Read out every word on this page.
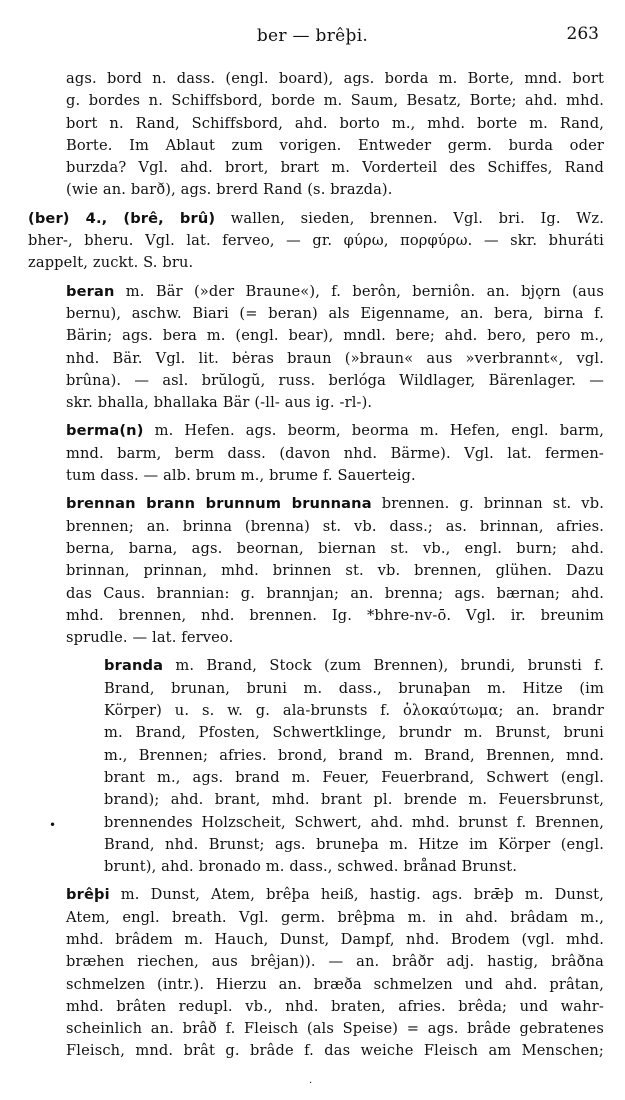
ber — brêþi.	263
ags. bord n. dass. (engl. board), ags. borda m. Borte, mnd. bort
g. bordes n. Schiffsbord, borde m. Saum, Besatz, Borte; ahd. mhd.
bort n. Rand, Schiffsbord, ahd. borto m., mhd. borte m. Rand,
Borte. Im Ablaut zum vorigen. Entweder germ. burda oder
burzda? Vgl. ahd. brort, brart m. Vorderteil des Schiffes, Rand
(wie an. barð), ags. brerd Rand (s. brazda).
(ber) 4., (brê, brû) wallen, sieden, brennen. Vgl. bri. Ig. Wz.
bher-, bheru. Vgl. lat. ferveo, — gr. φύρω, πορφύρω. — skr. bhuráti
zappelt, zuckt. S. bru.
beran m. Bär (»der Braune«), f. berôn, berniôn. an. bjǫrn (aus
bernu), aschw. Biari (= beran) als Eigenname, an. bera, birna f.
Bärin; ags. bera m. (engl. bear), mndl. bere; ahd. bero, pero m.,
nhd. Bär. Vgl. lit. bėras braun (»braun« aus »verbrannt«, vgl.
brûna). — asl. brŭlogŭ, russ. berlóga Wildlager, Bärenlager. —
skr. bhalla, bhallaka Bär (-ll- aus ig. -rl-).
berma(n) m. Hefen. ags. beorm, beorma m. Hefen, engl. barm,
mnd. barm, berm dass. (davon nhd. Bärme). Vgl. lat. fermen-
tum dass. — alb. brum m., brume f. Sauerteig.
brennan brann brunnum brunnana brennen. g. brinnan st. vb.
brennen; an. brinna (brenna) st. vb. dass.; as. brinnan, afries.
berna, barna, ags. beornan, biernan st. vb., engl. burn; ahd.
brinnan, prinnan, mhd. brinnen st. vb. brennen, glühen. Dazu
das Caus. brannian: g. brannjan; an. brenna; ags. bærnan; ahd.
mhd. brennen, nhd. brennen. Ig. *bhre-nv-ō. Vgl. ir. breunim
sprudle. — lat. ferveo.
branda m. Brand, Stock (zum Brennen), brundi, brunsti f.
Brand, brunan, bruni m. dass., brunaþan m. Hitze (im
Körper) u. s. w. g. ala-brunsts f. ὁλοκαύτωμα; an. brandr
m. Brand, Pfosten, Schwertklinge, brundr m. Brunst, bruni
m., Brennen; afries. brond, brand m. Brand, Brennen, mnd.
brant m., ags. brand m. Feuer, Feuerbrand, Schwert (engl.
brand); ahd. brant, mhd. brant pl. brende m. Feuersbrunst,
brennendes Holzscheit, Schwert, ahd. mhd. brunst f. Brennen,
Brand, nhd. Brunst; ags. bruneþa m. Hitze im Körper (engl.
brunt), ahd. bronado m. dass., schwed. brånad Brunst.
brêþi m. Dunst, Atem, brêþa heiß, hastig. ags. brǣþ m. Dunst,
Atem, engl. breath. Vgl. germ. brêþma m. in ahd. brâdam m.,
mhd. brâdem m. Hauch, Dunst, Dampf, nhd. Brodem (vgl. mhd.
bræhen riechen, aus brêjan)). — an. brâðr adj. hastig, brâðna
schmelzen (intr.). Hierzu an. bræða schmelzen und ahd. prâtan,
mhd. brâten redupl. vb., nhd. braten, afries. brêda; und wahr-
scheinlich an. brâð f. Fleisch (als Speise) = ags. brâde gebratenes
Fleisch, mnd. brât g. brâde f. das weiche Fleisch am Menschen;
•
·
